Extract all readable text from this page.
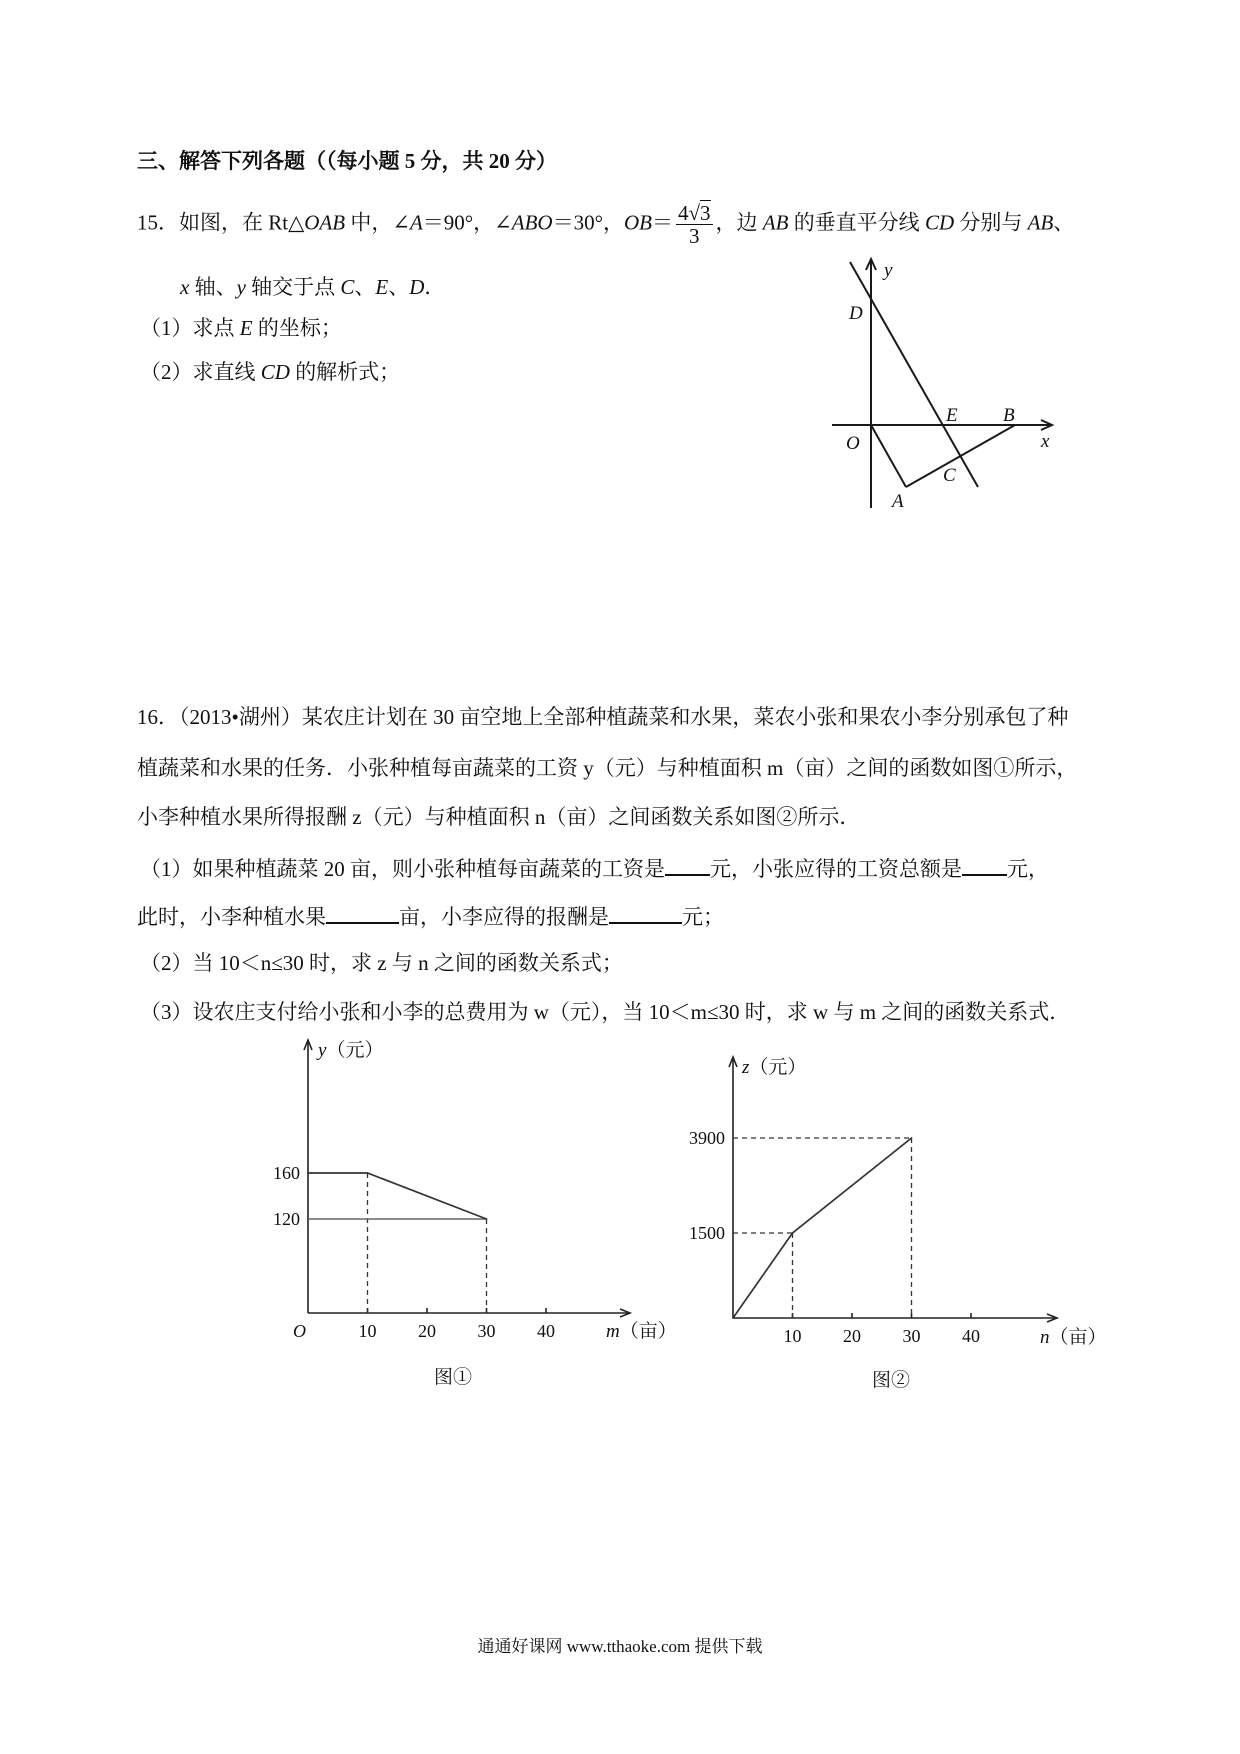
y
D
O
E B
x
C
A
10 20 30 40
120
160
y（元）
m（亩）
O
图①
10 20 30 40
1500
3900
z（元）
n（亩）
图②
三、解答下列各题（（每小题 5 分，共 20 分）
15．如图，在 Rt△OAB 中，∠A＝90°，∠ABO＝30°，$OB= \frac{4√3}{3}$ ，边 AB 的垂直平分线 CD 分别与 AB、
x 轴、y 轴交于点 C、E、D．
（1）求点 E 的坐标；
（2）求直线 CD 的解析式；
16．（2013•湖州）某农庄计划在 30 亩空地上全部种植蔬菜和水果，菜农小张和果农小李分别承包了种
植蔬菜和水果的任务．小张种植每亩蔬菜的工资 y（元）与种植面积 m（亩）之间的函数如图①所示，
小李种植水果所得报酬 z（元）与种植面积 n（亩）之间函数关系如图②所示．
（1）如果种植蔬菜 20 亩，则小张种植每亩蔬菜的工资是 元，小张应得的工资总额是 元，
此时，小李种植水果	亩，小李应得的报酬是	元；
（2）当 10＜n≤30 时，求 z 与 n 之间的函数关系式；
（3）设农庄支付给小张和小李的总费用为 w（元），当 10＜m≤30 时，求 w 与 m 之间的函数关系式．
通通好课网 www.tthaoke.com 提供下载
